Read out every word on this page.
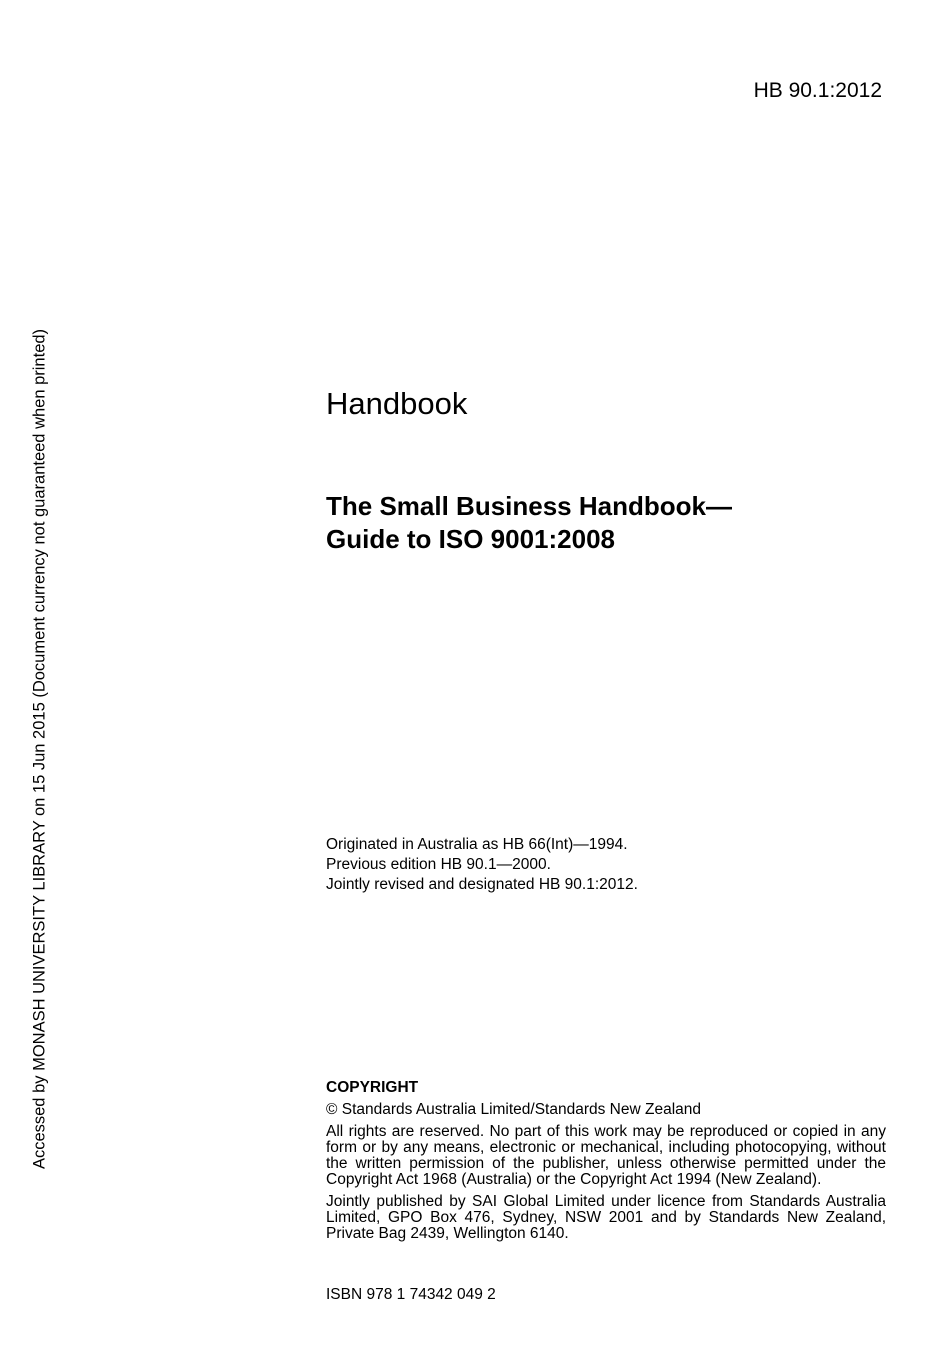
HB 90.1:2012
Accessed by MONASH UNIVERSITY LIBRARY on 15 Jun 2015 (Document currency not guaranteed when printed)	Handbook
The Small Business Handbook—
Guide to ISO 9001:2008
Originated in Australia as HB 66(Int)—1994.
Previous edition HB 90.1—2000.
Jointly revised and designated HB 90.1:2012.
COPYRIGHT
© Standards Australia Limited/Standards New Zealand
All rights are reserved. No part of this work may be reproduced or copied in any form or by any means, electronic or mechanical, including photocopying, without the written permission of the publisher, unless otherwise permitted under the Copyright Act 1968 (Australia) or the Copyright Act 1994 (New Zealand).
Jointly published by SAI Global Limited under licence from Standards Australia Limited, GPO Box 476, Sydney, NSW 2001 and by Standards New Zealand, Private Bag 2439, Wellington 6140.
ISBN 978 1 74342 049 2
